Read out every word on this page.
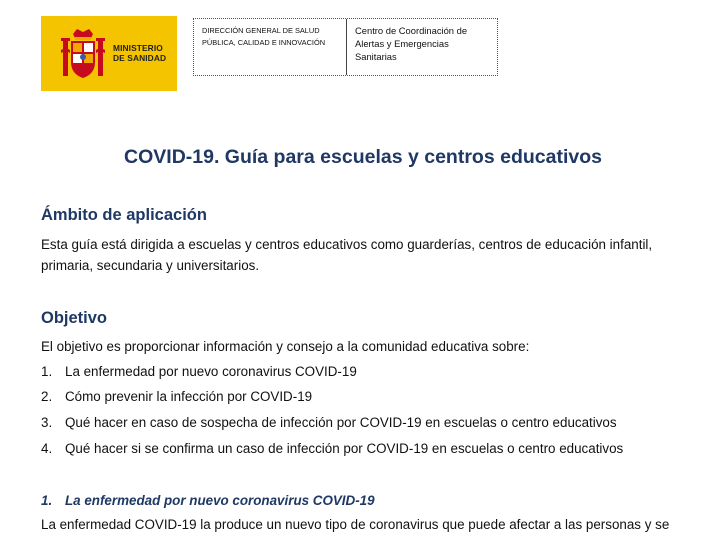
MINISTERIO
DE SANIDAD
DIRECCIÓN GENERAL DE SALUD
PÚBLICA, CALIDAD E INNOVACIÓN
Centro de Coordinación de
Alertas y Emergencias
Sanitarias
COVID-19. Guía para escuelas y centros educativos
Ámbito de aplicación
Esta guía está dirigida a escuelas y centros educativos como guarderías, centros de educación infantil, primaria, secundaria y universitarios.
Objetivo
El objetivo es proporcionar información y consejo a la comunidad educativa sobre:
1. La enfermedad por nuevo coronavirus COVID-19
2. Cómo prevenir la infección por COVID-19
3. Qué hacer en caso de sospecha de infección por COVID-19 en escuelas o centro educativos
4. Qué hacer si se confirma un caso de infección por COVID-19 en escuelas o centro educativos
1. La enfermedad por nuevo coronavirus COVID-19
La enfermedad COVID-19 la produce un nuevo tipo de coronavirus que puede afectar a las personas y se
